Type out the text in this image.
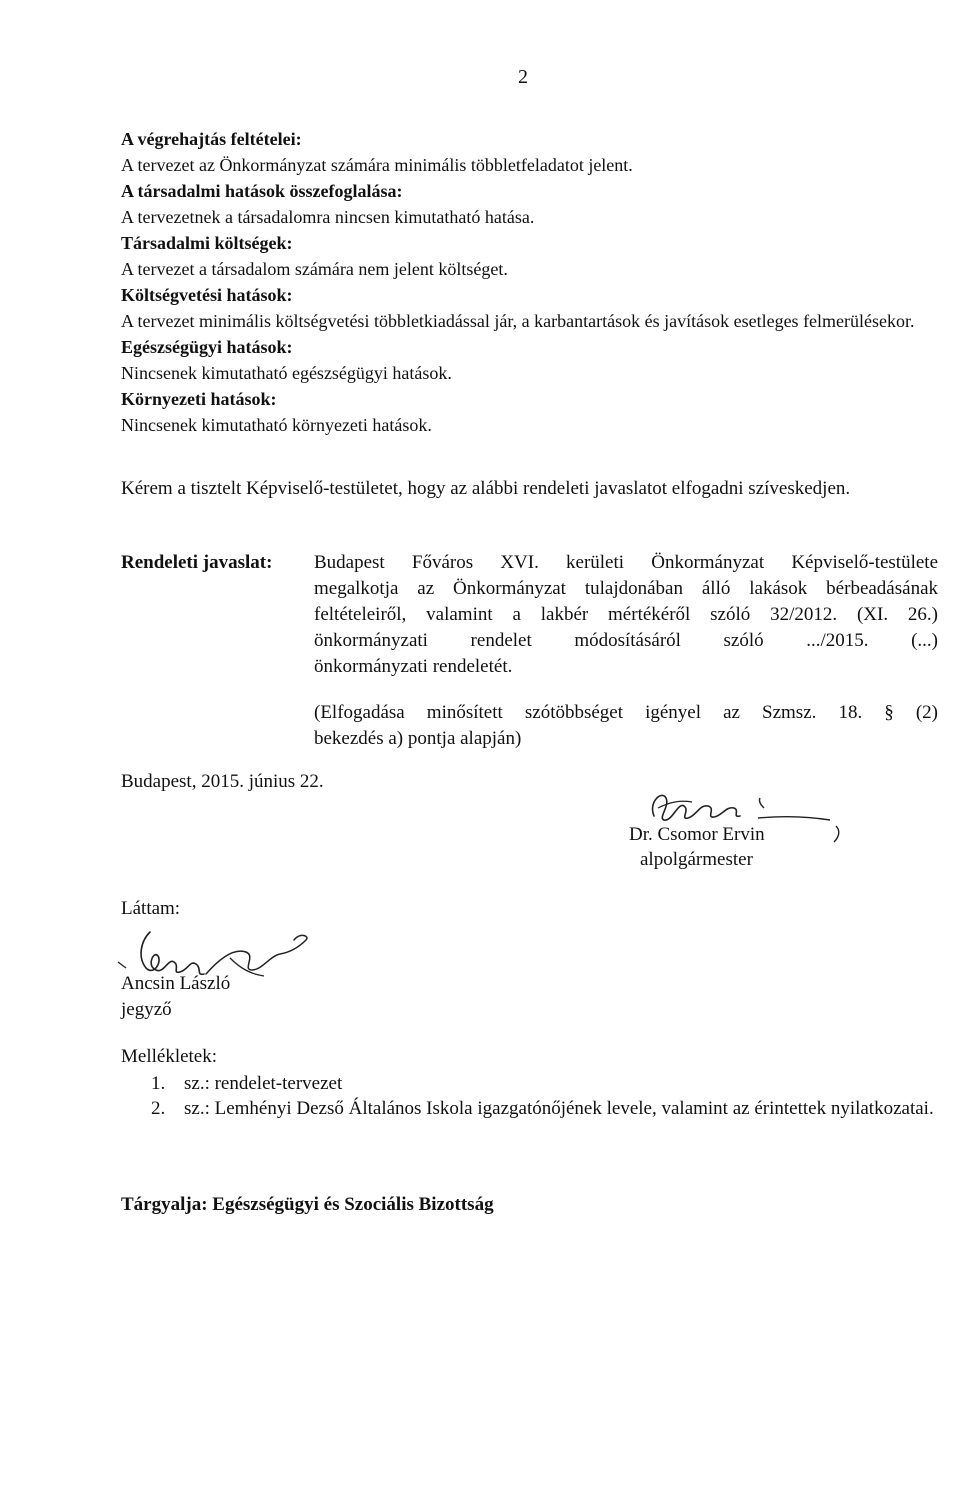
2
A végrehajtás feltételei:
A tervezet az Önkormányzat számára minimális többletfeladatot jelent.
A társadalmi hatások összefoglalása:
A tervezetnek a társadalomra nincsen kimutatható hatása.
Társadalmi költségek:
A tervezet a társadalom számára nem jelent költséget.
Költségvetési hatások:
A tervezet minimális költségvetési többletkiadással jár, a karbantartások és javítások esetleges felmerülésekor.
Egészségügyi hatások:
Nincsenek kimutatható egészségügyi hatások.
Környezeti hatások:
Nincsenek kimutatható környezeti hatások.
Kérem a tisztelt Képviselő-testületet, hogy az alábbi rendeleti javaslatot elfogadni szíveskedjen.
Rendeleti javaslat: Budapest Főváros XVI. kerületi Önkormányzat Képviselő-testülete
megalkotja az Önkormányzat tulajdonában álló lakások bérbeadásának
feltételeiről, valamint a lakbér mértékéről szóló 32/2012. (XI. 26.)
önkormányzati rendelet módosításáról szóló .../2015. (...)
önkormányzati rendeletét.
(Elfogadása minősített szótöbbséget igényel az Szmsz. 18. § (2)
bekezdés a) pontja alapján)
Budapest, 2015. június 22.
Dr. Csomor Ervin
alpolgármester
Láttam:
Ancsin László
jegyző
Mellékletek:
1. sz.: rendelet-tervezet
2. sz.: Lemhényi Dezső Általános Iskola igazgatónőjének levele, valamint az érintettek nyilatkozatai.
Tárgyalja: Egészségügyi és Szociális Bizottság
